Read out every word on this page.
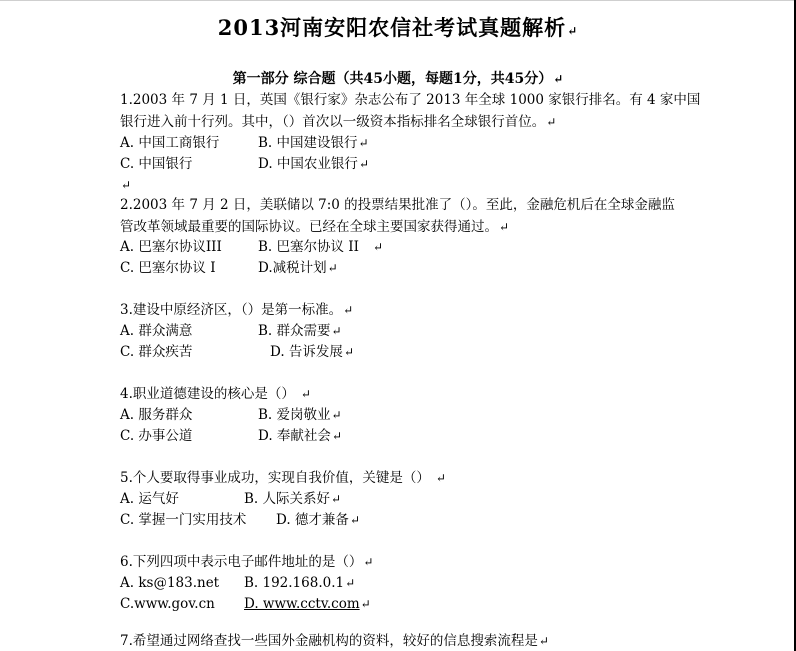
2013河南安阳农信社考试真题解析↵
第一部分 综合题（共45小题，每题1分，共45分）↵
1.2003 年 7 月 1 日，英国《银行家》杂志公布了 2013 年全球 1000 家银行排名。有 4 家中国
银行进入前十行列。其中，（）首次以一级资本指标排名全球银行首位。↵
A. 中国工商银行	B. 中国建设银行↵
C. 中国银行	D. 中国农业银行↵
↵
2.2003 年 7 月 2 日，美联储以 7:0 的投票结果批准了（）。至此，金融危机后在全球金融监
管改革领域最重要的国际协议。已经在全球主要国家获得通过。↵
A. 巴塞尔协议III	B. 巴塞尔协议 II ↵
C. 巴塞尔协议 I	D.减税计划↵
3.建设中原经济区，（）是第一标准。↵
A. 群众满意	B. 群众需要↵
C. 群众疾苦	D. 告诉发展↵
4.职业道德建设的核心是（） ↵
A. 服务群众	B. 爱岗敬业↵
C. 办事公道	D. 奉献社会↵
5.个人要取得事业成功，实现自我价值，关键是（） ↵
A. 运气好	B. 人际关系好↵
C. 掌握一门实用技术 D. 德才兼备↵
6.下列四项中表示电子邮件地址的是（）↵
A. ks@183.net B. 192.168.0.1↵
C.www.gov.cn D. www.cctv.com↵
7.希望通过网络查找一些国外金融机构的资料，较好的信息搜索流程是↵
